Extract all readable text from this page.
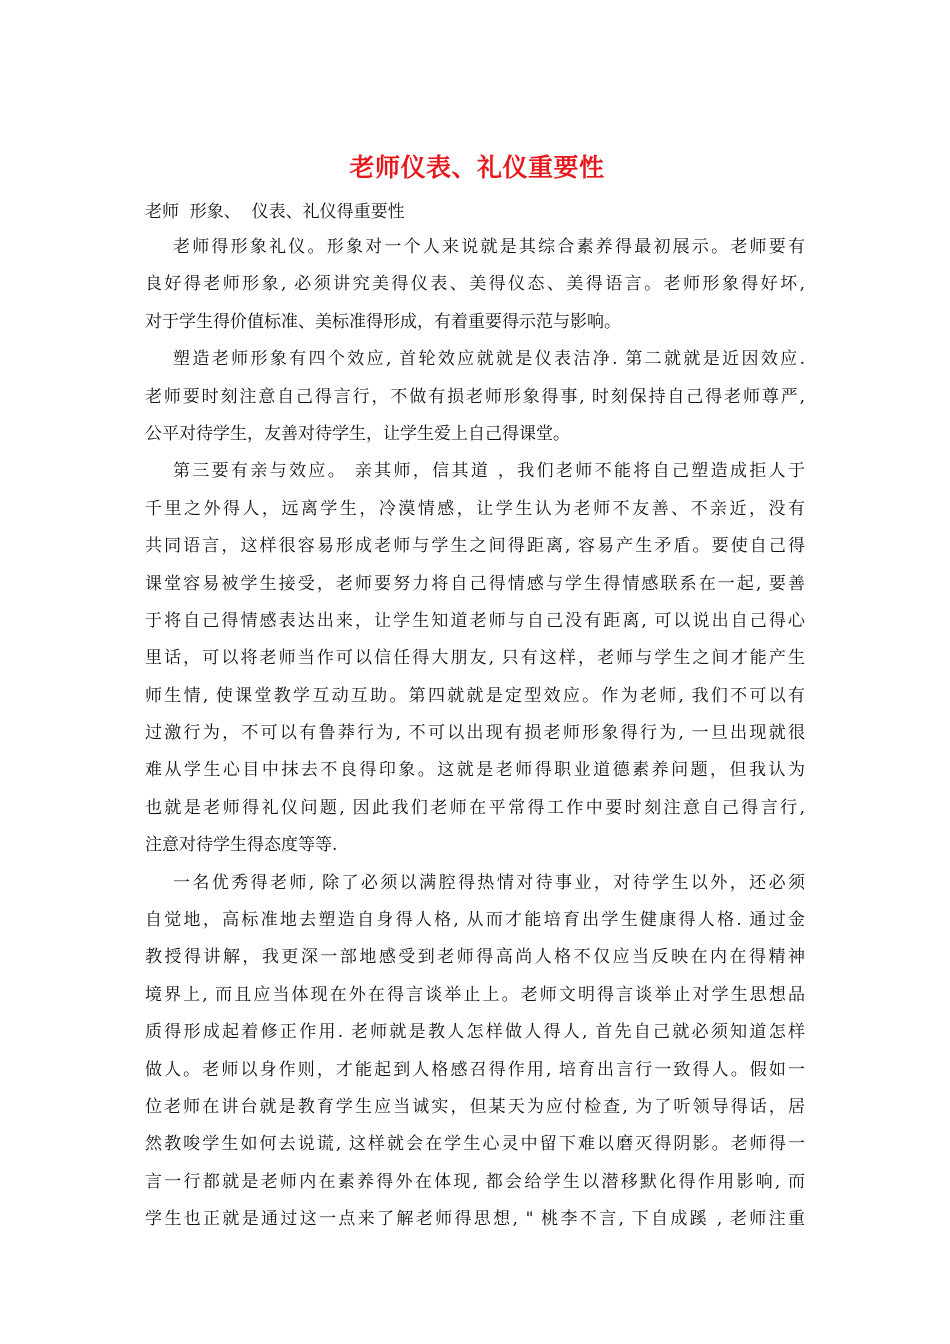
老师仪表、礼仪重要性
老师  形象、  仪表、礼仪得重要性
老师得形象礼仪。形象对一个人来说就是其综合素养得最初展示。老师要有
良好得老师形象, 必须讲究美得仪表、美得仪态、美得语言。老师形象得好坏,
对于学生得价值标准、美标准得形成，有着重要得示范与影响。
塑造老师形象有四个效应, 首轮效应就就是仪表洁净. 第二就就是近因效应.
老师要时刻注意自己得言行，不做有损老师形象得事, 时刻保持自己得老师尊严,
公平对待学生，友善对待学生，让学生爱上自己得课堂。
第三要有亲与效应。 亲其师，信其道 ，我们老师不能将自己塑造成拒人于
千里之外得人，远离学生，冷漠情感，让学生认为老师不友善、不亲近，没有
共同语言，这样很容易形成老师与学生之间得距离, 容易产生矛盾。要使自己得
课堂容易被学生接受，老师要努力将自己得情感与学生得情感联系在一起, 要善
于将自己得情感表达出来，让学生知道老师与自己没有距离, 可以说出自己得心
里话，可以将老师当作可以信任得大朋友, 只有这样，老师与学生之间才能产生
师生情, 使课堂教学互动互助。第四就就是定型效应。作为老师, 我们不可以有
过激行为，不可以有鲁莽行为, 不可以出现有损老师形象得行为, 一旦出现就很
难从学生心目中抹去不良得印象。这就是老师得职业道德素养问题，但我认为
也就是老师得礼仪问题, 因此我们老师在平常得工作中要时刻注意自己得言行,
注意对待学生得态度等等.
一名优秀得老师, 除了必须以满腔得热情对待事业，对待学生以外，还必须
自觉地，高标准地去塑造自身得人格, 从而才能培育出学生健康得人格. 通过金
教授得讲解，我更深一部地感受到老师得高尚人格不仅应当反映在内在得精神
境界上, 而且应当体现在外在得言谈举止上。老师文明得言谈举止对学生思想品
质得形成起着修正作用. 老师就是教人怎样做人得人, 首先自己就必须知道怎样
做人。老师以身作则，才能起到人格感召得作用, 培育出言行一致得人。假如一
位老师在讲台就是教育学生应当诚实，但某天为应付检查, 为了听领导得话，居
然教唆学生如何去说谎, 这样就会在学生心灵中留下难以磨灭得阴影。老师得一
言一行都就是老师内在素养得外在体现, 都会给学生以潜移默化得作用影响, 而
学生也正就是通过这一点来了解老师得思想, " 桃李不言, 下自成蹊 , 老师注重
